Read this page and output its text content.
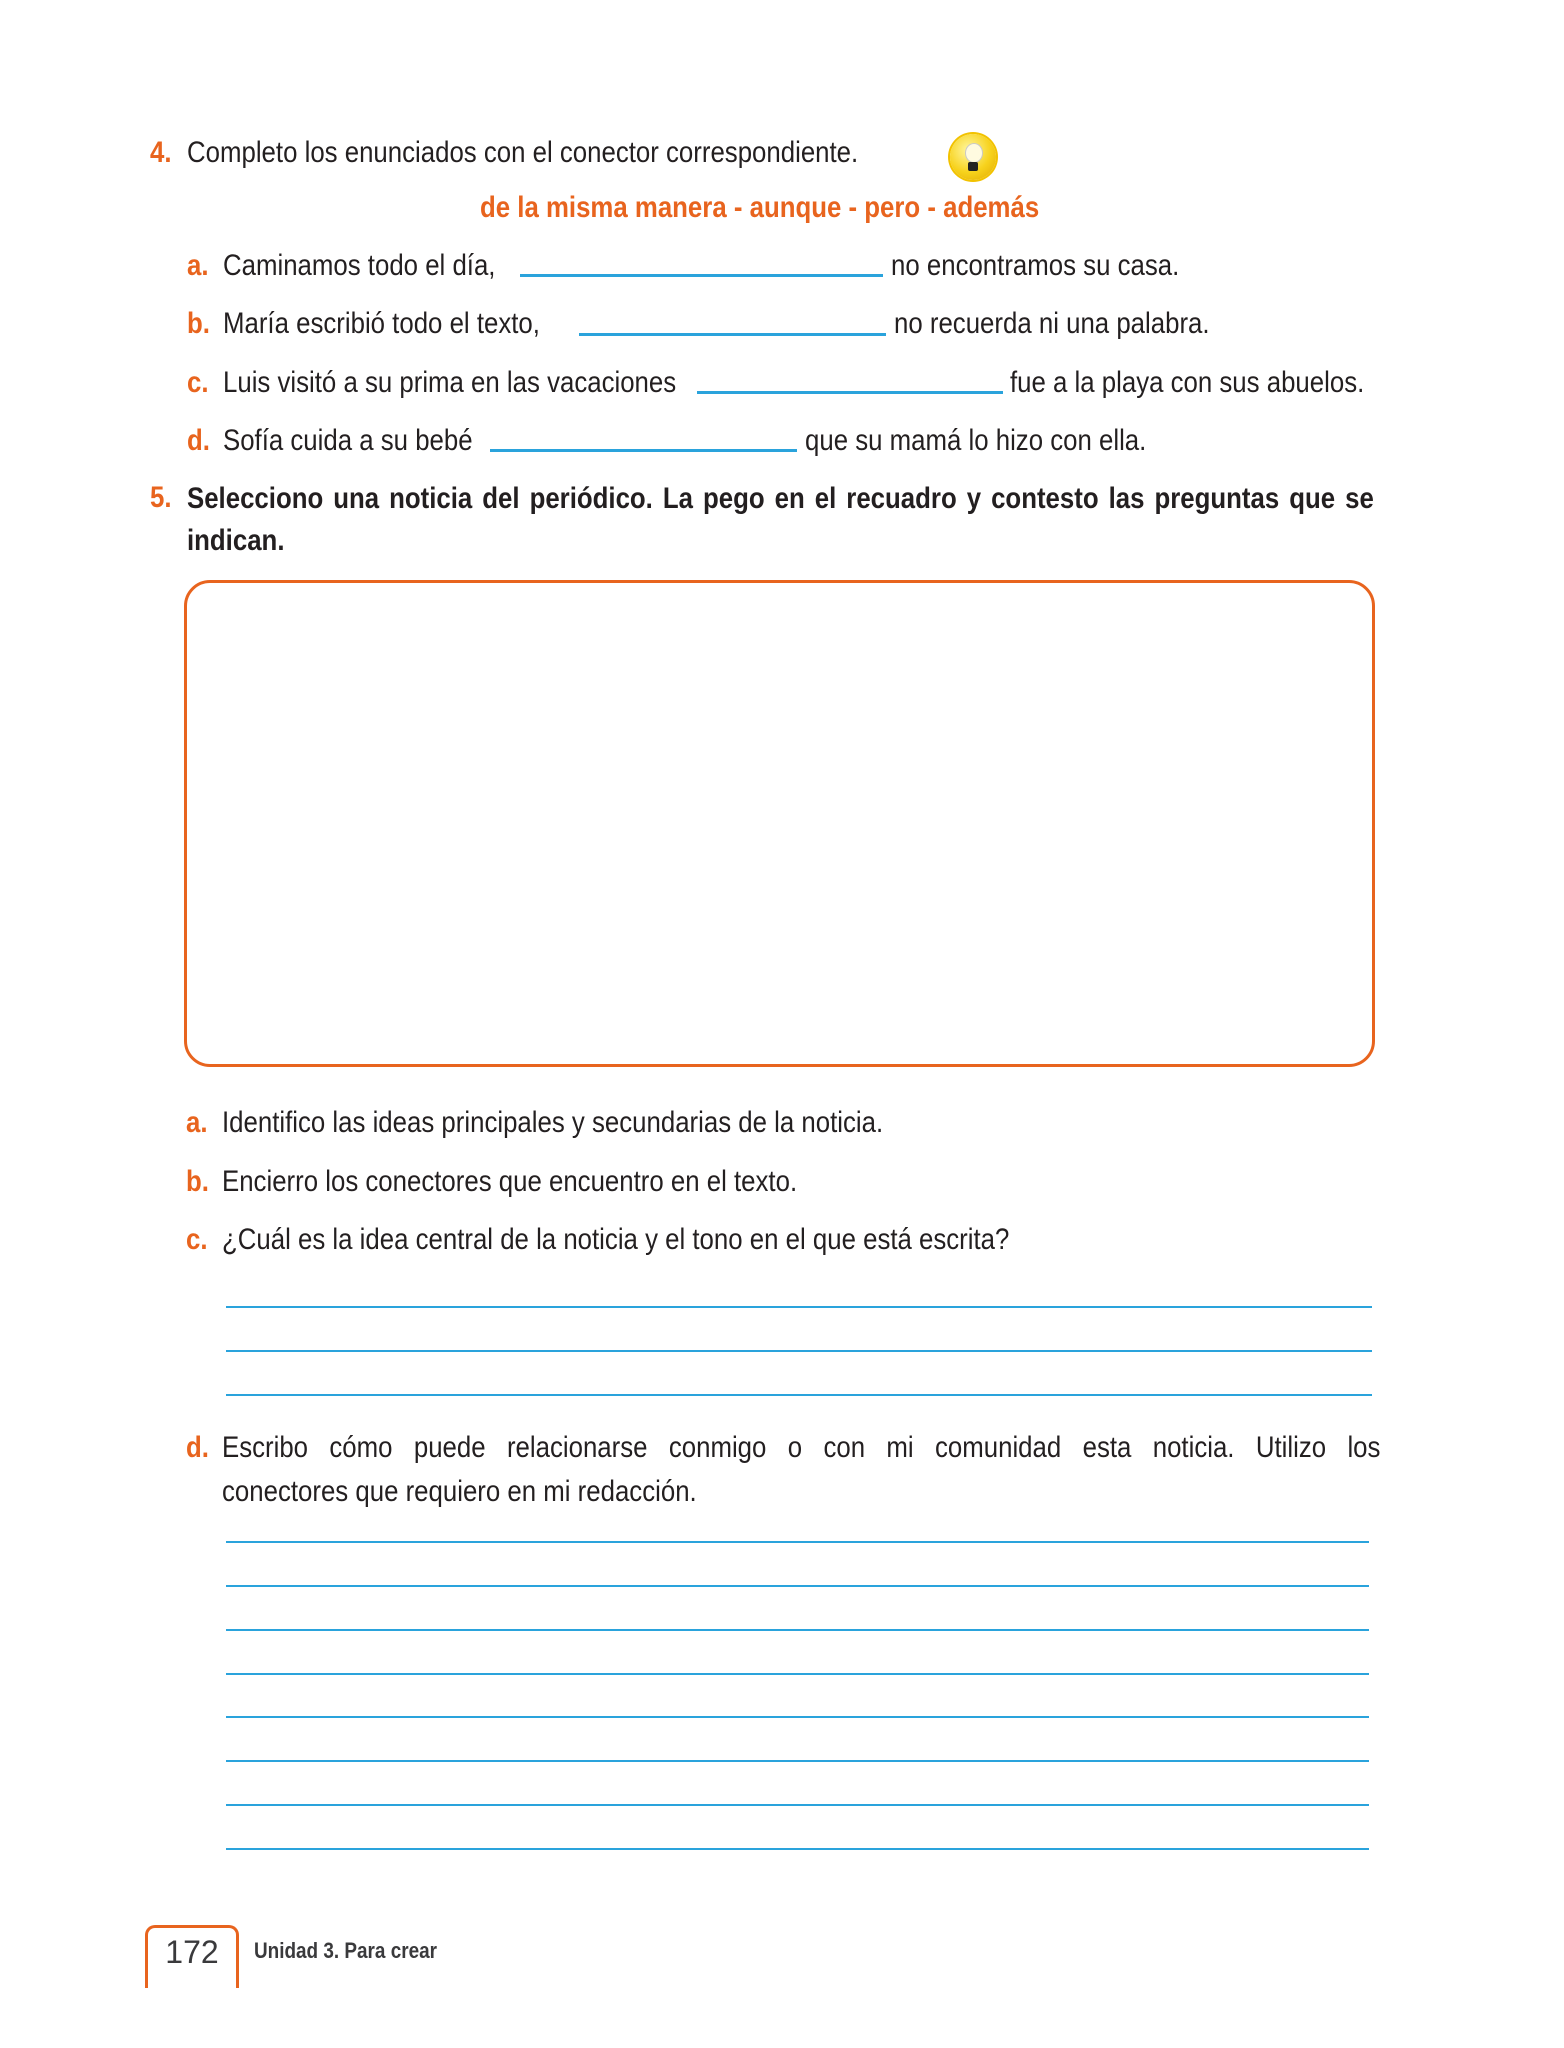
4. Completo los enunciados con el conector correspondiente.
de la misma manera - aunque - pero - además
a. Caminamos todo el día,	no encontramos su casa.
b. María escribió todo el texto,	no recuerda ni una palabra.
c. Luis visitó a su prima en las vacaciones	fue a la playa con sus abuelos.
d. Sofía cuida a su bebé	que su mamá lo hizo con ella.
5. Selecciono una noticia del periódico. La pego en el recuadro y contesto las preguntas que se
indican.
a. Identifico las ideas principales y secundarias de la noticia.
b. Encierro los conectores que encuentro en el texto.
c. ¿Cuál es la idea central de la noticia y el tono en el que está escrita?
d. Escribo cómo puede relacionarse conmigo o con mi comunidad esta noticia. Utilizo los
conectores que requiero en mi redacción.
172	Unidad 3. Para crear
